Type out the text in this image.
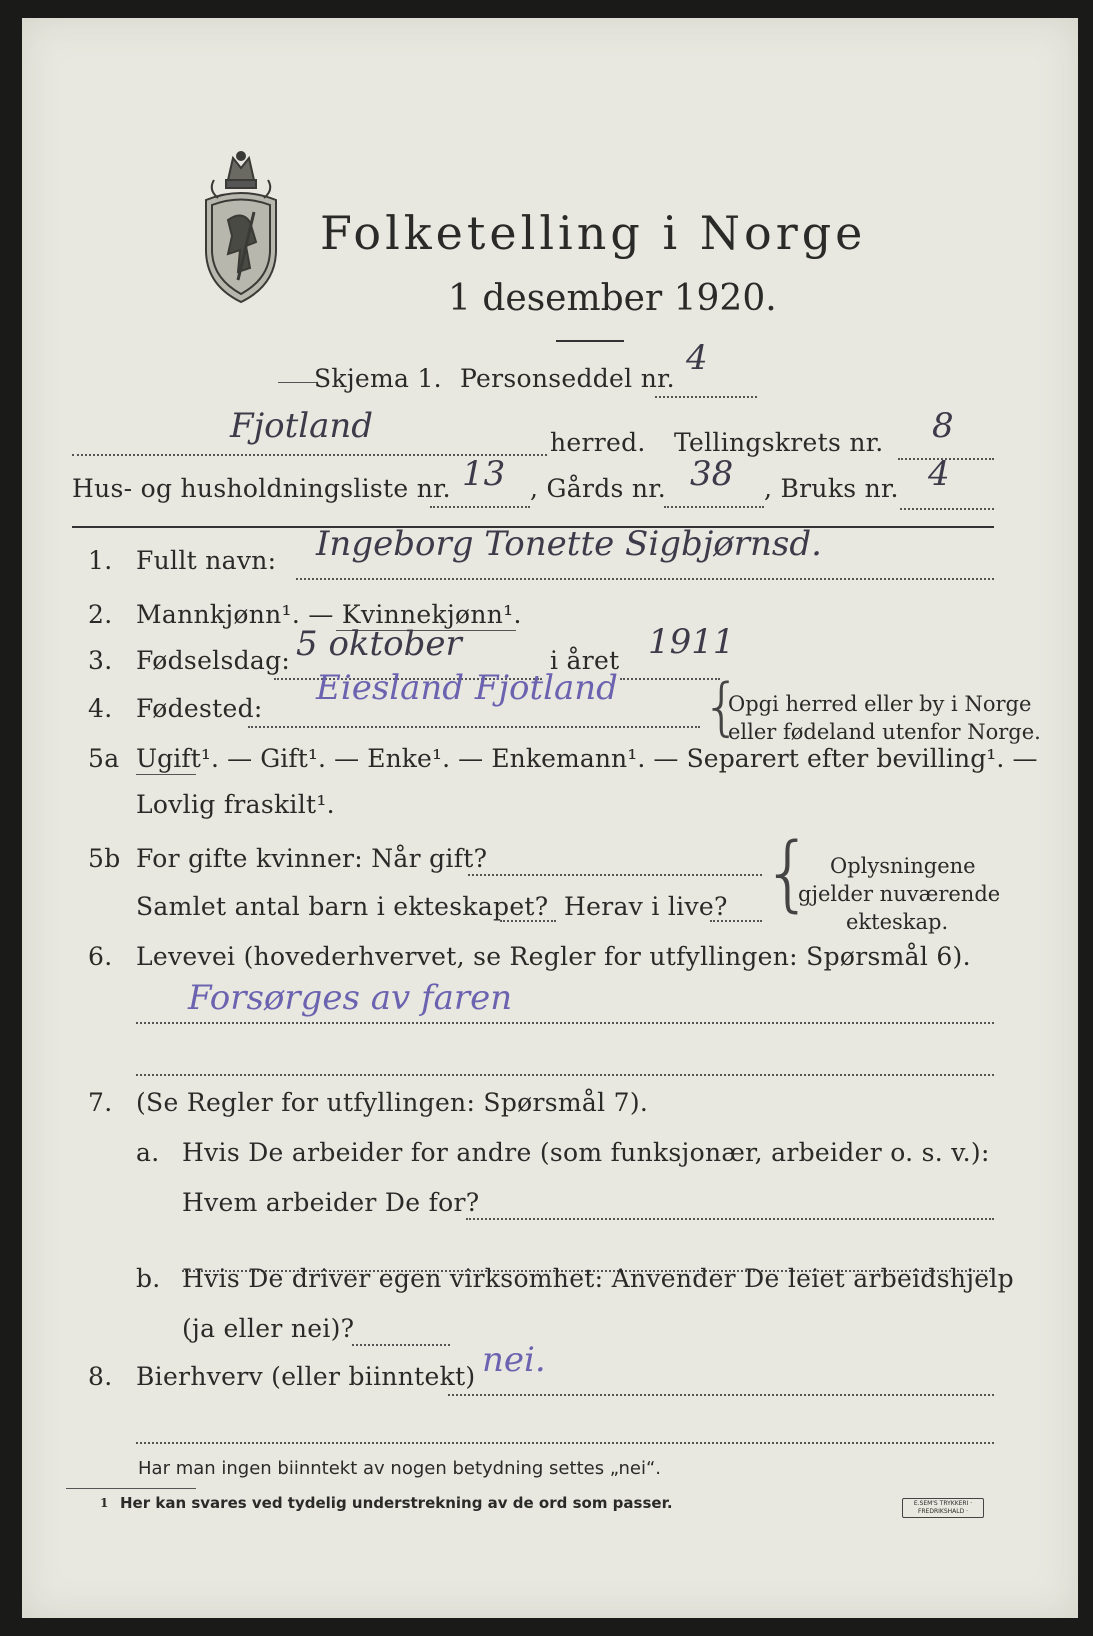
Folketelling i Norge
1 desember 1920.
Skjema 1. Personseddel nr.
4
Fjotland	herred. Tellingskrets nr. 8
Hus- og husholdningsliste nr. 13 , Gårds nr. 38 , Bruks nr. 4
1. Fullt navn: Ingeborg Tonette Sigbjørnsd.
2. Mannkjønn¹. — Kvinnekjønn¹.
3. Fødselsdag: 5 oktober	i året 1911
4. Fødested:
Eiesland Fjotland {
Opgi herred eller by i Norge
eller fødeland utenfor Norge.
5a Ugift¹. — Gift¹. — Enke¹. — Enkemann¹. — Separert efter bevilling¹. —
Lovlig fraskilt¹.
5b For gifte kvinner: Når gift?
Samlet antal barn i ekteskapet? Herav i live? { Oplysningene
gjelder nuværende
ekteskap.
6. Levevei (hovederhvervet, se Regler for utfyllingen: Spørsmål 6).
Forsørges av faren
7. (Se Regler for utfyllingen: Spørsmål 7).
a. Hvis De arbeider for andre (som funksjonær, arbeider o. s. v.):
Hvem arbeider De for?
b. Hvis De driver egen virksomhet: Anvender De leiet arbeidshjelp
(ja eller nei)?
8. Bierhverv (eller biinntekt) nei.
Har man ingen biinntekt av nogen betydning settes „nei“.
1 Her kan svares ved tydelig understrekning av de ord som passer.	E.SEM'S TRYKKERI · FREDRIKSHALD ·
